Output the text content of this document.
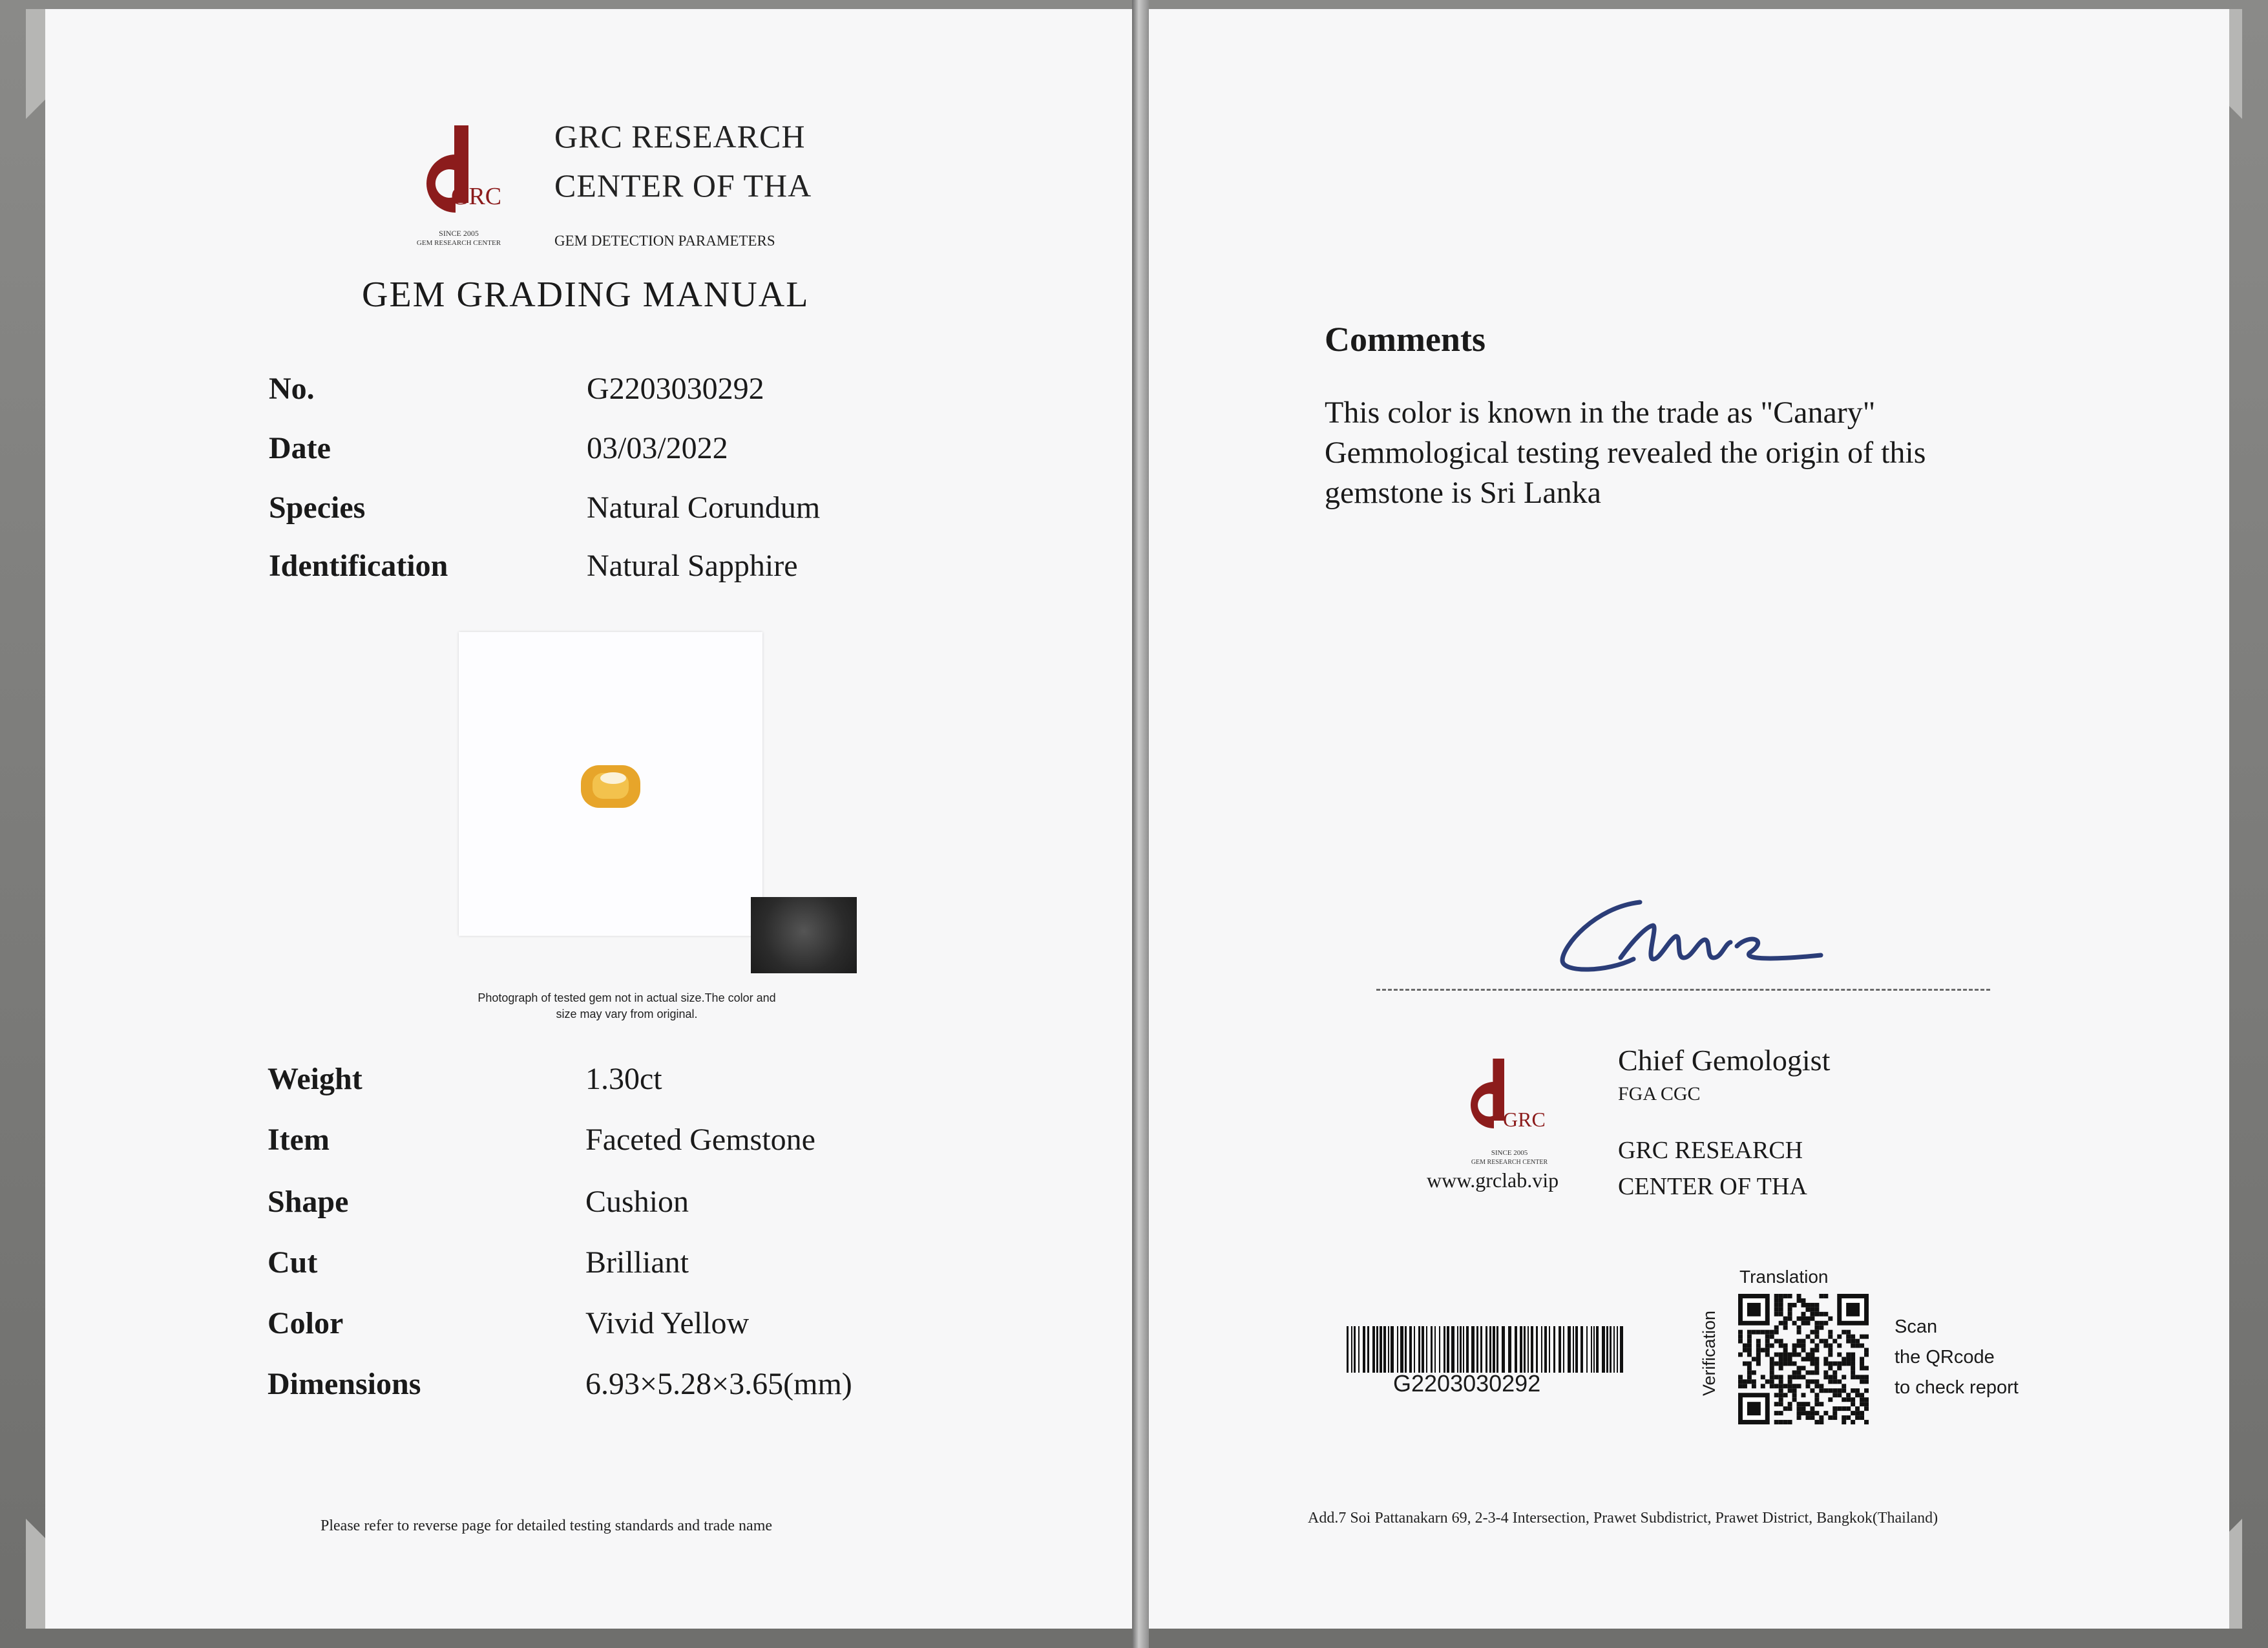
GRC
SINCE 2005
GEM RESEARCH CENTER
GRC RESEARCH
CENTER OF THA
GEM DETECTION PARAMETERS
GEM GRADING MANUAL
No.	G2203030292
Date	03/03/2022
Species	Natural Corundum
Identification	Natural Sapphire
Photograph of tested gem not in actual size.The color and
size may vary from original.
Weight	1.30ct
Item	Faceted Gemstone
Shape	Cushion
Cut	Brilliant
Color	Vivid Yellow
Dimensions	6.93×5.28×3.65(mm)
Please refer to reverse page for detailed testing standards and trade name
Comments
This color is known in the trade as "Canary"
Gemmological testing revealed the origin of this
gemstone is Sri Lanka
GRC
SINCE 2005
GEM RESEARCH CENTER
www.grclab.vip
Chief Gemologist
FGA CGC
GRC RESEARCH
CENTER OF THA
G2203030292
Translation
Verification	Scan
the QRcode
to check report
Add.7 Soi Pattanakarn 69, 2-3-4 Intersection, Prawet Subdistrict, Prawet District, Bangkok(Thailand)
